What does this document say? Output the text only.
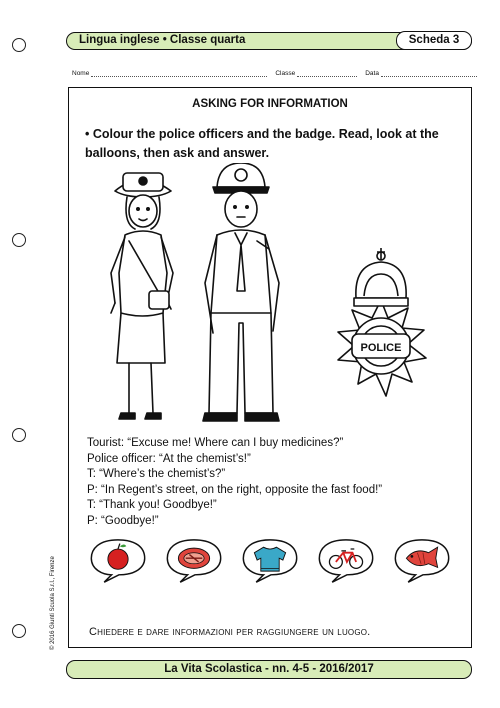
Lingua inglese • Classe quarta	Scheda 3
Nome	Classe	Data
ASKING FOR INFORMATION
• Colour the police officers and the badge. Read, look at the balloons, then ask and answer.
POLICE
Tourist: “Excuse me! Where can I buy medicines?”
Police officer: “At the chemist’s!”
T: “Where’s the chemist’s?”
P: “In Regent’s street, on the right, opposite the fast food!”
T: “Thank you! Goodbye!”
P: “Goodbye!”
Chiedere e dare informazioni per raggiungere un luogo.
© 2016 Giunti Scuola S.r.l., Firenze
La Vita Scolastica - nn. 4-5 - 2016/2017
